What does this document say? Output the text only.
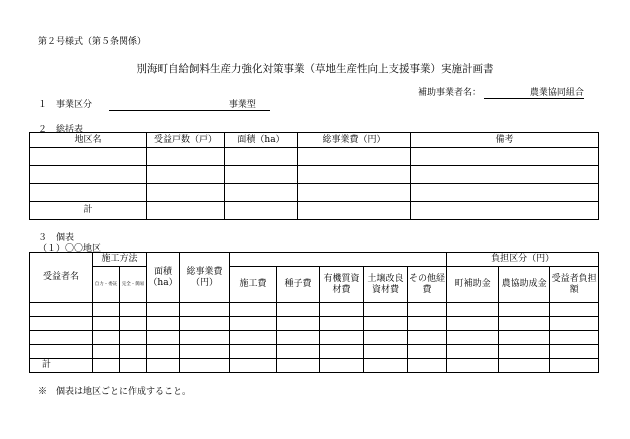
第２号様式（第５条関係）
別海町自給飼料生産力強化対策事業（草地生産性向上支援事業）実施計画書
補助事業者名：	農業協同組合
１　事業区分	事業型
２　総括表
地区名	受益戸数（戸）	面積（ha）	総事業費（円）	備考

計				
３　個表
（１）〇〇地区
受益者名	施工方法		面積（ha）	総事業費（円）						負担区分（円）		
	自力・委託	完全・簡易			施工費	種子費	有機質資材費	土壌改良資材費	その他経費	町補助金	農協助成金	受益者負担額

計												
※　個表は地区ごとに作成すること。
